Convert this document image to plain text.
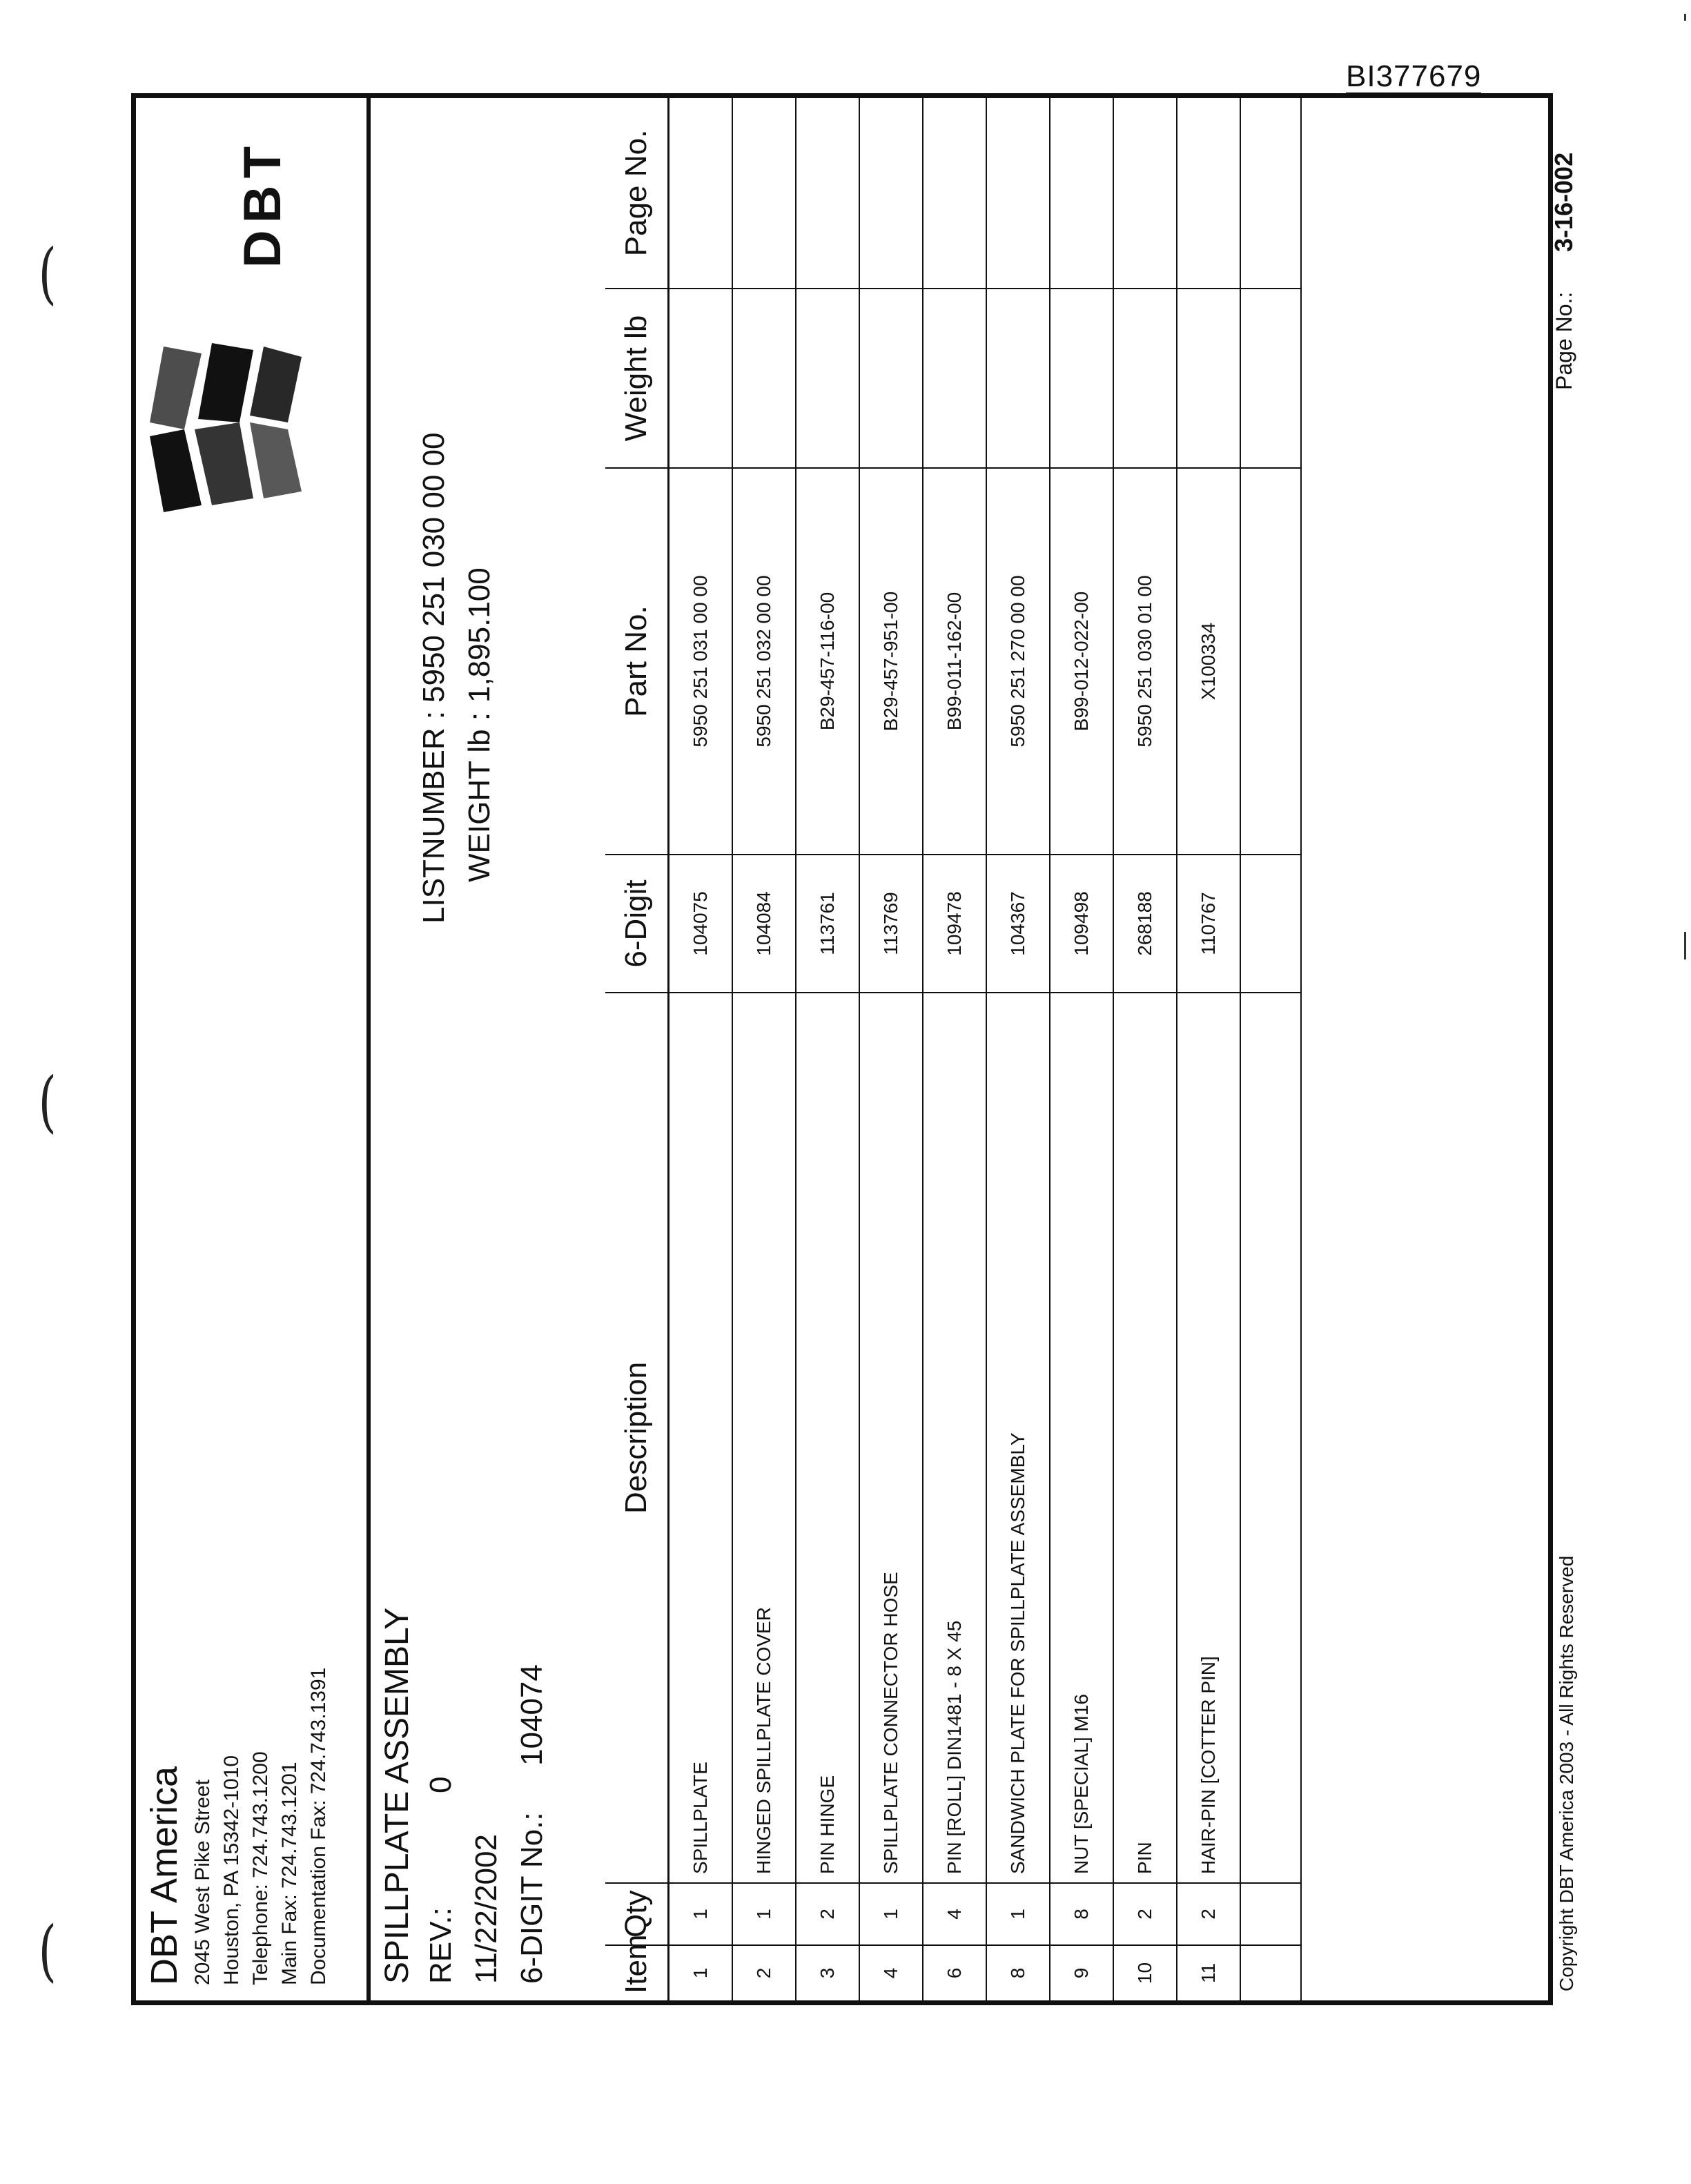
BI377679
(
(
( DBT America 2045 West Pike Street Houston, PA 15342-1010 Telephone: 724.743.1200 Main Fax: 724.743.1201 Documentation Fax: 724.743.1391
DBT
SPILLPLATE ASSEMBLY REV.:
0
11/22/2002 6-DIGIT No.:
104074
LISTNUMBER :
5950 251 030 00 00
WEIGHT lb :
1,895.100
Item	Qty	Description	6-Digit	Part No.	Weight lb	Page No.
1	1	SPILLPLATE	104075	5950 251 031 00 00		
2	1	HINGED SPILLPLATE COVER	104084	5950 251 032 00 00		
3	2	PIN HINGE	113761	B29-457-116-00		
4	1	SPILLPLATE CONNECTOR HOSE	113769	B29-457-951-00		
6	4	PIN [ROLL] DIN1481 - 8 X 45	109478	B99-011-162-00		
8	1	SANDWICH PLATE FOR SPILLPLATE ASSEMBLY	104367	5950 251 270 00 00		
9	8	NUT [SPECIAL] M16	109498	B99-012-022-00		
10	2	PIN	268188	5950 251 030 01 00		
11	2	HAIR-PIN [COTTER PIN]	110767	X100334		

Copyright DBT America 2003 - All Rights Reserved
Page No.:
3-16-002
